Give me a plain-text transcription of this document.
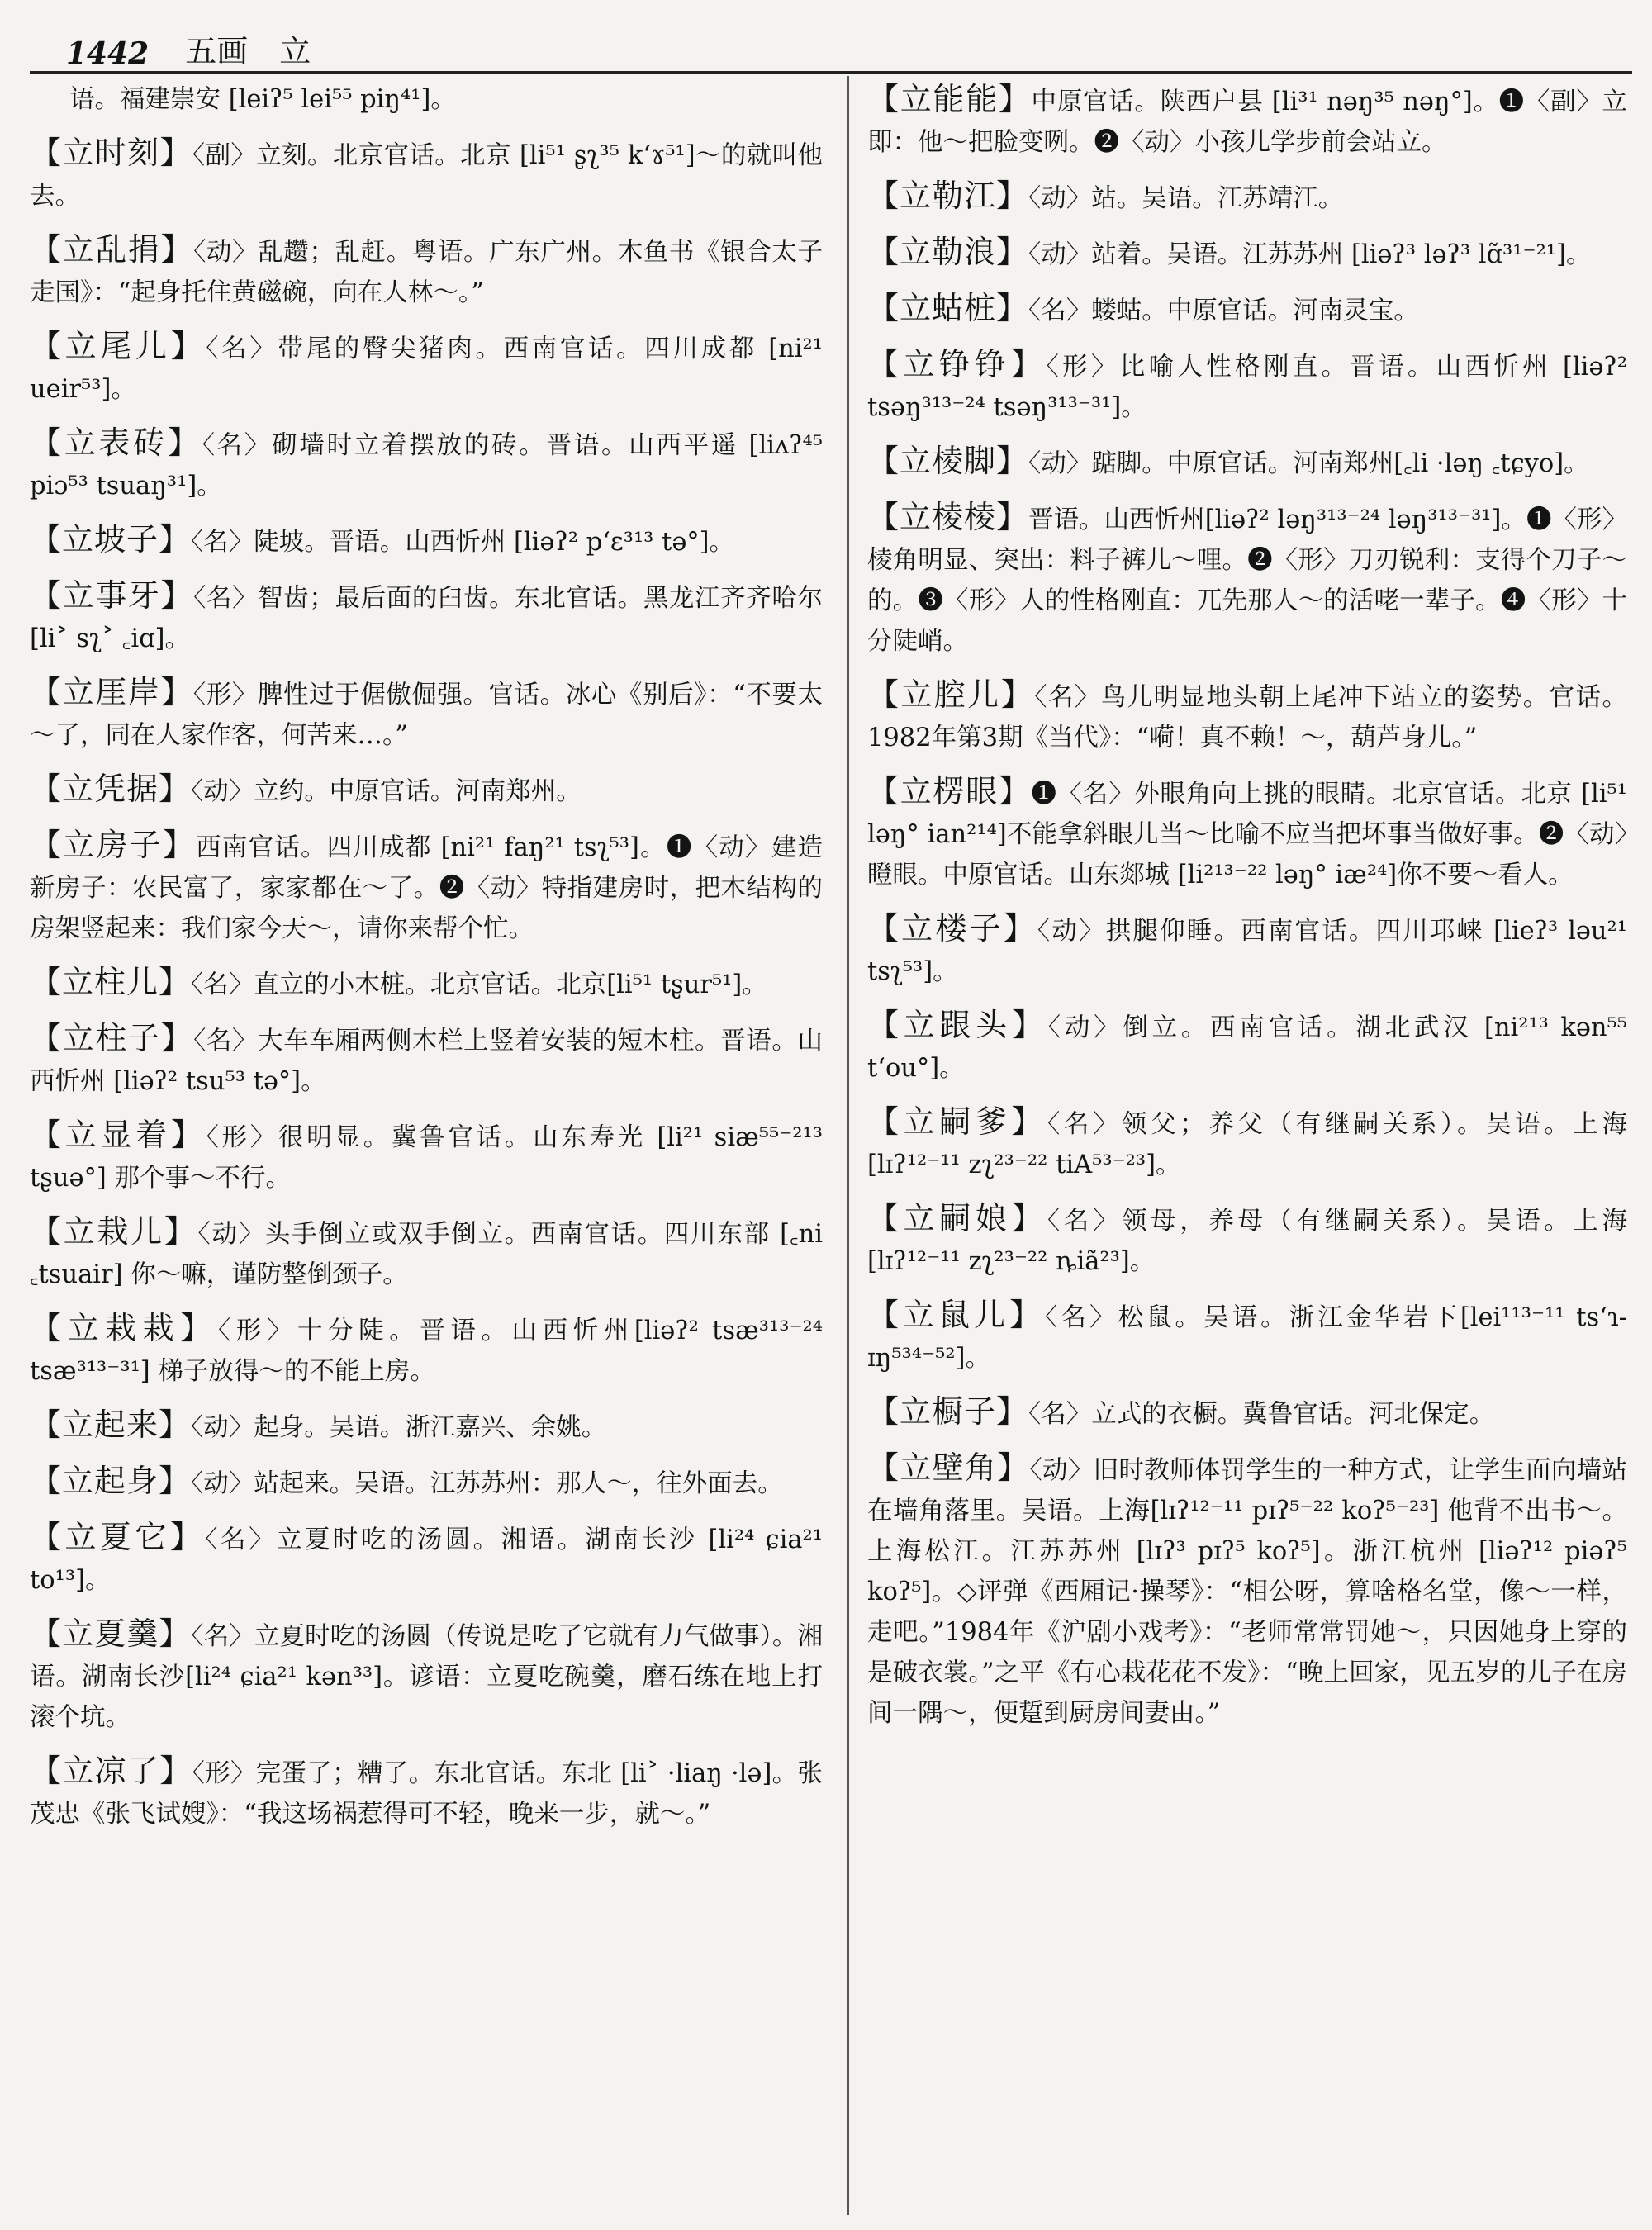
1442 五画　立
语。福建崇安 [leiʔ⁵ lei⁵⁵ piŋ⁴¹]。
【立时刻】〈副〉立刻。北京官话。北京 [li⁵¹ ʂʅ³⁵ k‘ɤ⁵¹]～的就叫他去。
【立乱捐】〈动〉乱趱；乱赶。粤语。广东广州。木鱼书《银合太子走国》：“起身托住黄磁碗，向在人林～。”
【立尾儿】〈名〉带尾的臀尖猪肉。西南官话。四川成都 [ni²¹ ueir⁵³]。
【立表砖】〈名〉砌墙时立着摆放的砖。晋语。山西平遥 [liʌʔ⁴⁵ piɔ⁵³ tsuaŋ³¹]。
【立坡子】〈名〉陡坡。晋语。山西忻州 [liəʔ² p‘ɛ³¹³ tə°]。
【立事牙】〈名〉智齿；最后面的臼齿。东北官话。黑龙江齐齐哈尔 [li˃ sʅ˃ ꜀iɑ]。
【立厓岸】〈形〉脾性过于倨傲倔强。官话。冰心《别后》：“不要太～了，同在人家作客，何苦来…。”
【立凭据】〈动〉立约。中原官话。河南郑州。
【立房子】西南官话。四川成都 [ni²¹ faŋ²¹ tsʅ⁵³]。❶〈动〉建造新房子：农民富了，家家都在～了。❷〈动〉特指建房时，把木结构的房架竖起来：我们家今天～，请你来帮个忙。
【立柱儿】〈名〉直立的小木桩。北京官话。北京[li⁵¹ tʂur⁵¹]。
【立柱子】〈名〉大车车厢两侧木栏上竖着安装的短木柱。晋语。山西忻州 [liəʔ² tsu⁵³ tə°]。
【立显着】〈形〉很明显。冀鲁官话。山东寿光 [li²¹ siæ⁵⁵⁻²¹³ tʂuə°] 那个事～不行。
【立栽儿】〈动〉头手倒立或双手倒立。西南官话。四川东部 [꜀ni ꜀tsuair] 你～嘛，谨防整倒颈子。
【立栽栽】〈形〉十分陡。晋语。山西忻州[liəʔ² tsæ³¹³⁻²⁴ tsæ³¹³⁻³¹] 梯子放得～的不能上房。
【立起来】〈动〉起身。吴语。浙江嘉兴、余姚。
【立起身】〈动〉站起来。吴语。江苏苏州：那人～，往外面去。
【立夏它】〈名〉立夏时吃的汤圆。湘语。湖南长沙 [li²⁴ ɕia²¹ to¹³]。
【立夏羹】〈名〉立夏时吃的汤圆（传说是吃了它就有力气做事）。湘语。湖南长沙[li²⁴ ɕia²¹ kən³³]。谚语：立夏吃碗羹，磨石练在地上打滚个坑。
【立凉了】〈形〉完蛋了；糟了。东北官话。东北 [li˃ ·liaŋ ·lə]。张茂忠《张飞试嫂》：“我这场祸惹得可不轻，晚来一步，就～。”
【立能能】中原官话。陕西户县 [li³¹ nəŋ³⁵ nəŋ°]。❶〈副〉立即：他～把脸变咧。❷〈动〉小孩儿学步前会站立。
【立勒江】〈动〉站。吴语。江苏靖江。
【立勒浪】〈动〉站着。吴语。江苏苏州 [liəʔ³ ləʔ³ lɑ̃³¹⁻²¹]。
【立蛄桩】〈名〉蝼蛄。中原官话。河南灵宝。
【立铮铮】〈形〉比喻人性格刚直。晋语。山西忻州 [liəʔ² tsəŋ³¹³⁻²⁴ tsəŋ³¹³⁻³¹]。
【立棱脚】〈动〉踮脚。中原官话。河南郑州[꜀li ·ləŋ ꜀tɕyo]。
【立棱棱】晋语。山西忻州[liəʔ² ləŋ³¹³⁻²⁴ ləŋ³¹³⁻³¹]。❶〈形〉棱角明显、突出：料子裤儿～哩。❷〈形〉刀刃锐利：支得个刀子～的。❸〈形〉人的性格刚直：兀先那人～的活咾一辈子。❹〈形〉十分陡峭。
【立腔儿】〈名〉鸟儿明显地头朝上尾冲下站立的姿势。官话。1982年第3期《当代》：“嗬！真不赖！～，葫芦身儿。”
【立楞眼】❶〈名〉外眼角向上挑的眼睛。北京官话。北京 [li⁵¹ ləŋ° ian²¹⁴]不能拿斜眼儿当～比喻不应当把坏事当做好事。❷〈动〉瞪眼。中原官话。山东郯城 [li²¹³⁻²² ləŋ° iæ²⁴]你不要～看人。
【立楼子】〈动〉拱腿仰睡。西南官话。四川邛崃 [lieʔ³ ləu²¹ tsʅ⁵³]。
【立跟头】〈动〉倒立。西南官话。湖北武汉 [ni²¹³ kən⁵⁵ t‘ou°]。
【立嗣爹】〈名〉领父；养父（有继嗣关系）。吴语。上海 [lɪʔ¹²⁻¹¹ zʅ²³⁻²² tiA⁵³⁻²³]。
【立嗣娘】〈名〉领母，养母（有继嗣关系）。吴语。上海 [lɪʔ¹²⁻¹¹ zʅ²³⁻²² ȵiã²³]。
【立鼠儿】〈名〉松鼠。吴语。浙江金华岩下[lei¹¹³⁻¹¹ ts‘ɿ-ɪŋ⁵³⁴⁻⁵²]。
【立橱子】〈名〉立式的衣橱。冀鲁官话。河北保定。
【立壁角】〈动〉旧时教师体罚学生的一种方式，让学生面向墙站在墙角落里。吴语。上海[lɪʔ¹²⁻¹¹ pɪʔ⁵⁻²² koʔ⁵⁻²³] 他背不出书～。上海松江。江苏苏州 [lɪʔ³ pɪʔ⁵ koʔ⁵]。浙江杭州 [liəʔ¹² piəʔ⁵ koʔ⁵]。◇评弹《西厢记·操琴》：“相公呀，算啥格名堂，像～一样，走吧。”1984年《沪剧小戏考》：“老师常常罚她～，只因她身上穿的是破衣裳。”之平《有心栽花花不发》：“晚上回家，见五岁的儿子在房间一隅～，便踅到厨房间妻由。”
